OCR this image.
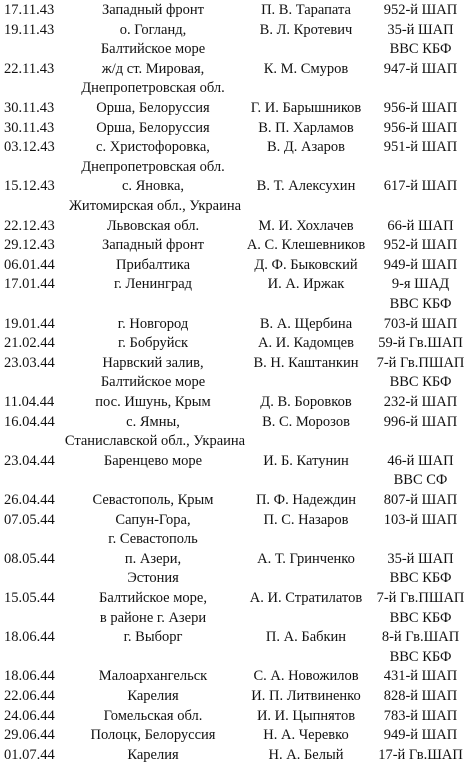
17.11.43	Западный фронт	П. В. Тарапата	952-й ШАП
19.11.43	о. Гогланд,	В. Л. Кротевич	35-й ШАП
Балтийское море	ВВС КБФ
22.11.43	ж/д ст. Мировая,	К. М. Смуров	947-й ШАП
Днепропетровская обл.
30.11.43	Орша, Белоруссия	Г. И. Барышников	956-й ШАП
30.11.43	Орша, Белоруссия	В. П. Харламов	956-й ШАП
03.12.43	с. Христофоровка,	В. Д. Азаров	951-й ШАП
Днепропетровская обл.
15.12.43	с. Яновка,	В. Т. Алексухин	617-й ШАП
Житомирская обл., Украина
22.12.43	Львовская обл.	М. И. Хохлачев	66-й ШАП
29.12.43	Западный фронт	А. С. Клешевников	952-й ШАП
06.01.44	Прибалтика	Д. Ф. Быковский	949-й ШАП
17.01.44	г. Ленинград	И. А. Иржак	9-я ШАД
ВВС КБФ
19.01.44	г. Новгород	В. А. Щербина	703-й ШАП
21.02.44	г. Бобруйск	А. И. Кадомцев	59-й Гв.ШАП
23.03.44	Нарвский залив,	В. Н. Каштанкин	7-й Гв.ПШАП
Балтийское море	ВВС КБФ
11.04.44	пос. Ишунь, Крым	Д. В. Боровков	232-й ШАП
16.04.44	с. Ямны,	В. С. Морозов	996-й ШАП
Станиславской обл., Украина
23.04.44	Баренцево море	И. Б. Катунин	46-й ШАП
ВВС СФ
26.04.44	Севастополь, Крым	П. Ф. Надеждин	807-й ШАП
07.05.44	Сапун-Гора,	П. С. Назаров	103-й ШАП
г. Севастополь
08.05.44	п. Азери,	А. Т. Гринченко	35-й ШАП
Эстония	ВВС КБФ
15.05.44	Балтийское море,	А. И. Стратилатов 7-й Гв.ПШАП
в районе г. Азери	ВВС КБФ
18.06.44	г. Выборг	П. А. Бабкин	8-й Гв.ШАП
ВВС КБФ
18.06.44	Малоархангельск	С. А. Новожилов	431-й ШАП
22.06.44	Карелия	И. П. Литвиненко	828-й ШАП
24.06.44	Гомельская обл.	И. И. Цыпнятов	783-й ШАП
29.06.44	Полоцк, Белоруссия	Н. А. Черевко	949-й ШАП
01.07.44	Карелия	Н. А. Белый	17-й Гв.ШАП
